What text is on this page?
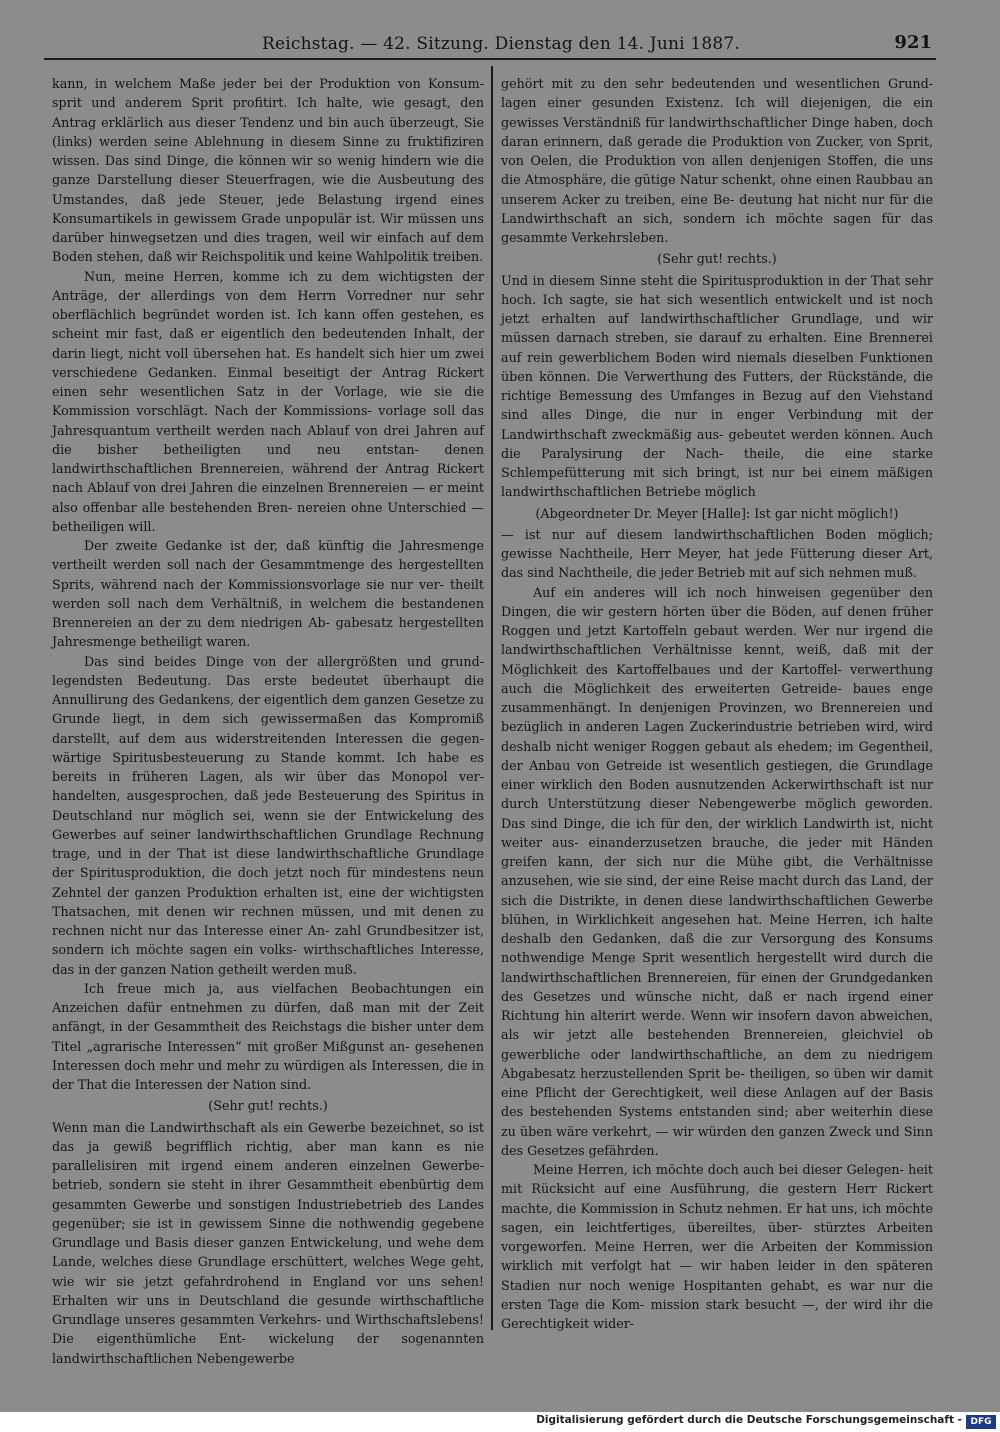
Reichstag. — 42. Sitzung. Dienstag den 14. Juni 1887.	921

kann, in welchem Maße jeder bei der Produktion von Konsum- sprit und anderem Sprit profitirt. Ich halte, wie gesagt, den Antrag erklärlich aus dieser Tendenz und bin auch überzeugt, Sie (links) werden seine Ablehnung in diesem Sinne zu fruktifiziren wissen. Das sind Dinge, die können wir so wenig hindern wie die ganze Darstellung dieser Steuerfragen, wie die Ausbeutung des Umstandes, daß jede Steuer, jede Belastung irgend eines Konsumartikels in gewissem Grade unpopulär ist. Wir müssen uns darüber hinwegsetzen und dies tragen, weil wir einfach auf dem Boden stehen, daß wir Reichspolitik und keine Wahlpolitik treiben.

Nun, meine Herren, komme ich zu dem wichtigsten der Anträge, der allerdings von dem Herrn Vorredner nur sehr oberflächlich begründet worden ist. Ich kann offen gestehen, es scheint mir fast, daß er eigentlich den bedeutenden Inhalt, der darin liegt, nicht voll übersehen hat. Es handelt sich hier um zwei verschiedene Gedanken. Einmal beseitigt der Antrag Rickert einen sehr wesentlichen Satz in der Vorlage, wie sie die Kommission vorschlägt. Nach der Kommissions- vorlage soll das Jahresquantum vertheilt werden nach Ablauf von drei Jahren auf die bisher betheiligten und neu entstan- denen landwirthschaftlichen Brennereien, während der Antrag Rickert nach Ablauf von drei Jahren die einzelnen Brennereien — er meint also offenbar alle bestehenden Bren- nereien ohne Unterschied — betheiligen will.

Der zweite Gedanke ist der, daß künftig die Jahresmenge vertheilt werden soll nach der Gesammtmenge des hergestellten Sprits, während nach der Kommissionsvorlage sie nur ver- theilt werden soll nach dem Verhältniß, in welchem die bestandenen Brennereien an der zu dem niedrigen Ab- gabesatz hergestellten Jahresmenge betheiligt waren.

Das sind beides Dinge von der allergrößten und grund- legendsten Bedeutung. Das erste bedeutet überhaupt die Annullirung des Gedankens, der eigentlich dem ganzen Gesetze zu Grunde liegt, in dem sich gewissermaßen das Kompromiß darstellt, auf dem aus widerstreitenden Interessen die gegen- wärtige Spiritusbesteuerung zu Stande kommt. Ich habe es bereits in früheren Lagen, als wir über das Monopol ver- handelten, ausgesprochen, daß jede Besteuerung des Spiritus in Deutschland nur möglich sei, wenn sie der Entwickelung des Gewerbes auf seiner landwirthschaftlichen Grundlage Rechnung trage, und in der That ist diese landwirthschaftliche Grundlage der Spiritusproduktion, die doch jetzt noch für mindestens neun Zehntel der ganzen Produktion erhalten ist, eine der wichtigsten Thatsachen, mit denen wir rechnen müssen, und mit denen zu rechnen nicht nur das Interesse einer An- zahl Grundbesitzer ist, sondern ich möchte sagen ein volks- wirthschaftliches Interesse, das in der ganzen Nation getheilt werden muß.

Ich freue mich ja, aus vielfachen Beobachtungen ein Anzeichen dafür entnehmen zu dürfen, daß man mit der Zeit anfängt, in der Gesammtheit des Reichstags die bisher unter dem Titel „agrarische Interessen“ mit großer Mißgunst an- gesehenen Interessen doch mehr und mehr zu würdigen als Interessen, die in der That die Interessen der Nation sind.

(Sehr gut! rechts.)

Wenn man die Landwirthschaft als ein Gewerbe bezeichnet, so ist das ja gewiß begrifflich richtig, aber man kann es nie parallelisiren mit irgend einem anderen einzelnen Gewerbe- betrieb, sondern sie steht in ihrer Gesammtheit ebenbürtig dem gesammten Gewerbe und sonstigen Industriebetrieb des Landes gegenüber; sie ist in gewissem Sinne die nothwendig gegebene Grundlage und Basis dieser ganzen Entwickelung, und wehe dem Lande, welches diese Grundlage erschüttert, welches Wege geht, wie wir sie jetzt gefahrdrohend in England vor uns sehen! Erhalten wir uns in Deutschland die gesunde wirthschaftliche Grundlage unseres gesammten Verkehrs- und Wirthschaftslebens! Die eigenthümliche Ent- wickelung der sogenannten landwirthschaftlichen Nebengewerbe

gehört mit zu den sehr bedeutenden und wesentlichen Grund- lagen einer gesunden Existenz. Ich will diejenigen, die ein gewisses Verständniß für landwirthschaftlicher Dinge haben, doch daran erinnern, daß gerade die Produktion von Zucker, von Sprit, von Oelen, die Produktion von allen denjenigen Stoffen, die uns die Atmosphäre, die gütige Natur schenkt, ohne einen Raubbau an unserem Acker zu treiben, eine Be- deutung hat nicht nur für die Landwirthschaft an sich, sondern ich möchte sagen für das gesammte Verkehrsleben.

(Sehr gut! rechts.)

Und in diesem Sinne steht die Spiritusproduktion in der That sehr hoch. Ich sagte, sie hat sich wesentlich entwickelt und ist noch jetzt erhalten auf landwirthschaftlicher Grundlage, und wir müssen darnach streben, sie darauf zu erhalten. Eine Brennerei auf rein gewerblichem Boden wird niemals dieselben Funktionen üben können. Die Verwerthung des Futters, der Rückstände, die richtige Bemessung des Umfanges in Bezug auf den Viehstand sind alles Dinge, die nur in enger Verbindung mit der Landwirthschaft zweckmäßig aus- gebeutet werden können. Auch die Paralysirung der Nach- theile, die eine starke Schlempefütterung mit sich bringt, ist nur bei einem mäßigen landwirthschaftlichen Betriebe möglich

(Abgeordneter Dr. Meyer [Halle]: Ist gar nicht möglich!)

— ist nur auf diesem landwirthschaftlichen Boden möglich; gewisse Nachtheile, Herr Meyer, hat jede Fütterung dieser Art, das sind Nachtheile, die jeder Betrieb mit auf sich nehmen muß.

Auf ein anderes will ich noch hinweisen gegenüber den Dingen, die wir gestern hörten über die Böden, auf denen früher Roggen und jetzt Kartoffeln gebaut werden. Wer nur irgend die landwirthschaftlichen Verhältnisse kennt, weiß, daß mit der Möglichkeit des Kartoffelbaues und der Kartoffel- verwerthung auch die Möglichkeit des erweiterten Getreide- baues enge zusammenhängt. In denjenigen Provinzen, wo Brennereien und bezüglich in anderen Lagen Zuckerindustrie betrieben wird, wird deshalb nicht weniger Roggen gebaut als ehedem; im Gegentheil, der Anbau von Getreide ist wesentlich gestiegen, die Grundlage einer wirklich den Boden ausnutzenden Ackerwirthschaft ist nur durch Unterstützung dieser Nebengewerbe möglich geworden. Das sind Dinge, die ich für den, der wirklich Landwirth ist, nicht weiter aus- einanderzusetzen brauche, die jeder mit Händen greifen kann, der sich nur die Mühe gibt, die Verhältnisse anzusehen, wie sie sind, der eine Reise macht durch das Land, der sich die Distrikte, in denen diese landwirthschaftlichen Gewerbe blühen, in Wirklichkeit angesehen hat. Meine Herren, ich halte deshalb den Gedanken, daß die zur Versorgung des Konsums nothwendige Menge Sprit wesentlich hergestellt wird durch die landwirthschaftlichen Brennereien, für einen der Grundgedanken des Gesetzes und wünsche nicht, daß er nach irgend einer Richtung hin alterirt werde. Wenn wir insofern davon abweichen, als wir jetzt alle bestehenden Brennereien, gleichviel ob gewerbliche oder landwirthschaftliche, an dem zu niedrigem Abgabesatz herzustellenden Sprit be- theiligen, so üben wir damit eine Pflicht der Gerechtigkeit, weil diese Anlagen auf der Basis des bestehenden Systems entstanden sind; aber weiterhin diese zu üben wäre verkehrt, — wir würden den ganzen Zweck und Sinn des Gesetzes gefährden.

Meine Herren, ich möchte doch auch bei dieser Gelegen- heit mit Rücksicht auf eine Ausführung, die gestern Herr Rickert machte, die Kommission in Schutz nehmen. Er hat uns, ich möchte sagen, ein leichtfertiges, übereiltes, über- stürztes Arbeiten vorgeworfen. Meine Herren, wer die Arbeiten der Kommission wirklich mit verfolgt hat — wir haben leider in den späteren Stadien nur noch wenige Hospitanten gehabt, es war nur die ersten Tage die Kom- mission stark besucht —, der wird ihr die Gerechtigkeit wider-

Digitalisierung gefördert durch die Deutsche Forschungsgemeinschaft - DFG
